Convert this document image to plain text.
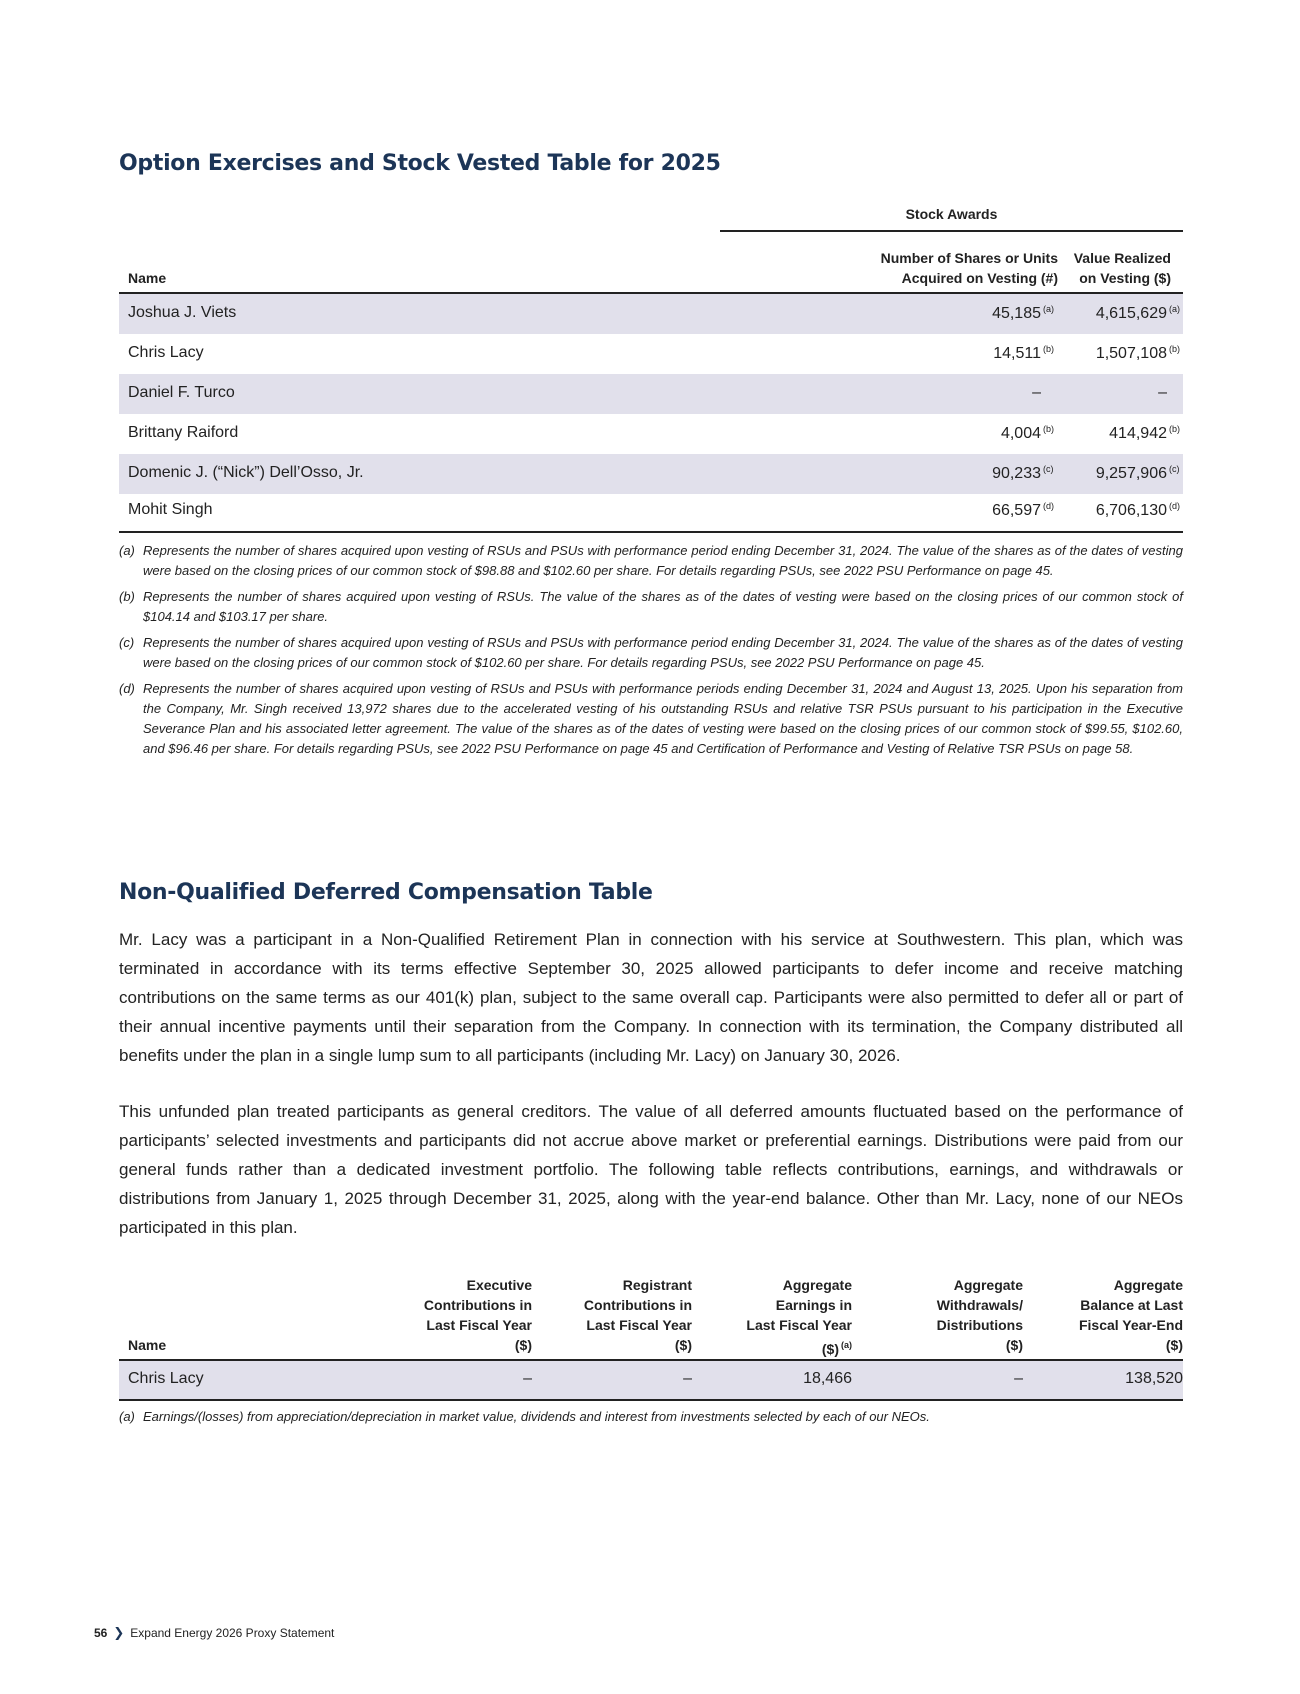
Option Exercises and Stock Vested Table for 2025
Stock Awards
Name
Number of Shares or Units
Acquired on Vesting (#)
Value Realized
on Vesting ($)
Joshua J. Viets	45,185 $^{(a)}$	4,615,629 $^{(a)}$
Chris Lacy	14,511 $^{(b)}$	1,507,108 $^{(b)}$
Daniel F. Turco	–	–
Brittany Raiford	4,004 $^{(b)}$	414,942 $^{(b)}$
Domenic J. (“Nick”) Dell’Osso, Jr.	90,233 $^{(c)}$	9,257,906 $^{(c)}$
Mohit Singh	66,597 $^{(d)}$	6,706,130 $^{(d)}$
(a) Represents the number of shares acquired upon vesting of RSUs and PSUs with performance period ending December 31, 2024. The value of the shares as of the dates of vesting were based on the closing prices of our common stock of $98.88 and $102.60 per share. For details regarding PSUs, see 2022 PSU Performance on page 45.
(b) Represents the number of shares acquired upon vesting of RSUs. The value of the shares as of the dates of vesting were based on the closing prices of our common stock of $104.14 and $103.17 per share.
(c) Represents the number of shares acquired upon vesting of RSUs and PSUs with performance period ending December 31, 2024. The value of the shares as of the dates of vesting were based on the closing prices of our common stock of $102.60 per share. For details regarding PSUs, see 2022 PSU Performance on page 45.
(d) Represents the number of shares acquired upon vesting of RSUs and PSUs with performance periods ending December 31, 2024 and August 13, 2025. Upon his separation from the Company, Mr. Singh received 13,972 shares due to the accelerated vesting of his outstanding RSUs and relative TSR PSUs pursuant to his participation in the Executive Severance Plan and his associated letter agreement. The value of the shares as of the dates of vesting were based on the closing prices of our common stock of $99.55, $102.60, and $96.46 per share. For details regarding PSUs, see 2022 PSU Performance on page 45 and Certification of Performance and Vesting of Relative TSR PSUs on page 58.
Non-Qualified Deferred Compensation Table

Mr. Lacy was a participant in a Non-Qualified Retirement Plan in connection with his service at Southwestern. This plan, which was terminated in accordance with its terms effective September 30, 2025 allowed participants to defer income and receive matching contributions on the same terms as our 401(k) plan, subject to the same overall cap. Participants were also permitted to defer all or part of their annual incentive payments until their separation from the Company. In connection with its termination, the Company distributed all benefits under the plan in a single lump sum to all participants (including Mr. Lacy) on January 30, 2026.

This unfunded plan treated participants as general creditors. The value of all deferred amounts fluctuated based on the performance of participants’ selected investments and participants did not accrue above market or preferential earnings. Distributions were paid from our general funds rather than a dedicated investment portfolio. The following table reflects contributions, earnings, and withdrawals or distributions from January 1, 2025 through December 31, 2025, along with the year-end balance. Other than Mr. Lacy, none of our NEOs participated in this plan.

Name
Executive
Contributions in
Last Fiscal Year
($)
Registrant
Contributions in
Last Fiscal Year
($)
Aggregate
Earnings in
Last Fiscal Year
($) $^{(a)}$
Aggregate
Withdrawals/
Distributions
($)
Aggregate
Balance at Last
Fiscal Year-End
($)
Chris Lacy	–	–	18,466	–	138,520
(a) Earnings/(losses) from appreciation/depreciation in market value, dividends and interest from investments selected by each of our NEOs.
56 ❯ Expand Energy 2026 Proxy Statement
